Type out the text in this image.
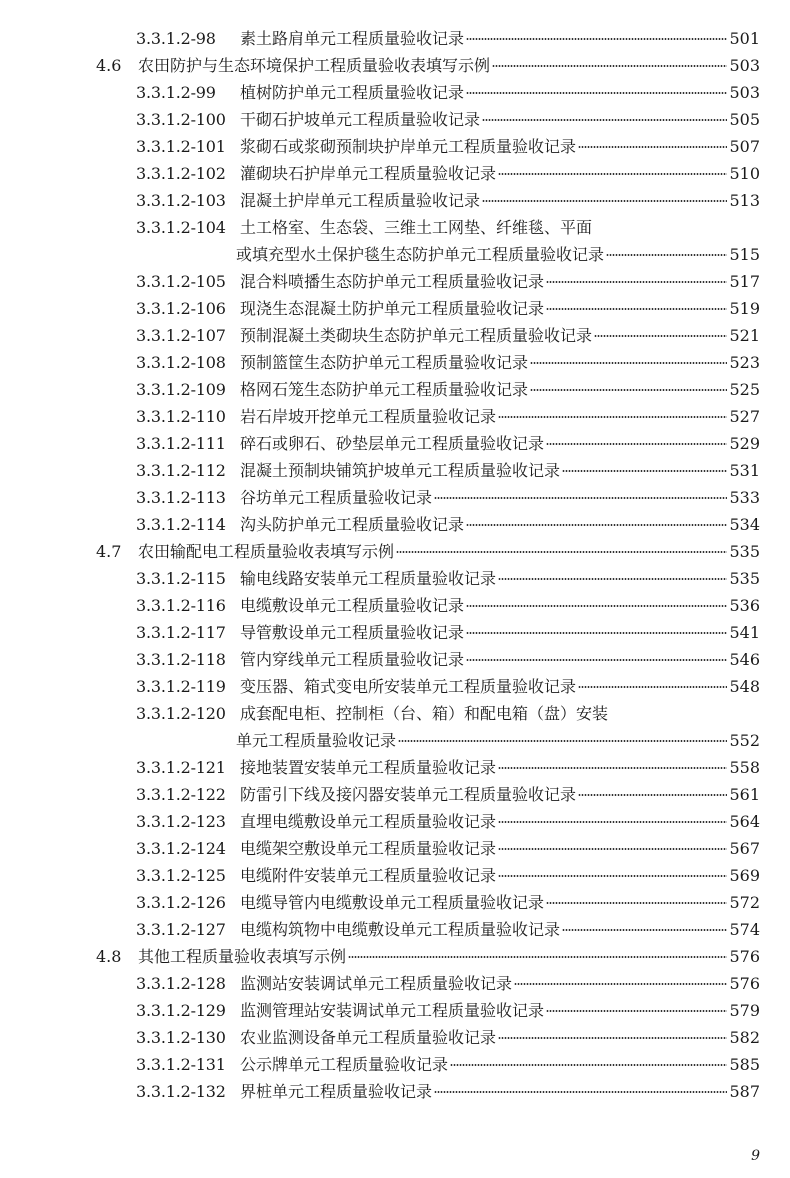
3.3.1.2-98 素土路肩单元工程质量验收记录	501
4.6 农田防护与生态环境保护工程质量验收表填写示例	503
3.3.1.2-99 植树防护单元工程质量验收记录	503
3.3.1.2-100 干砌石护坡单元工程质量验收记录	505
3.3.1.2-101 浆砌石或浆砌预制块护岸单元工程质量验收记录	507
3.3.1.2-102 灌砌块石护岸单元工程质量验收记录	510
3.3.1.2-103 混凝土护岸单元工程质量验收记录	513
3.3.1.2-104 土工格室、生态袋、三维土工网垫、纤维毯、平面
或填充型水土保护毯生态防护单元工程质量验收记录	515
3.3.1.2-105 混合料喷播生态防护单元工程质量验收记录	517
3.3.1.2-106 现浇生态混凝土防护单元工程质量验收记录	519
3.3.1.2-107 预制混凝土类砌块生态防护单元工程质量验收记录	521
3.3.1.2-108 预制篮筐生态防护单元工程质量验收记录	523
3.3.1.2-109 格网石笼生态防护单元工程质量验收记录	525
3.3.1.2-110 岩石岸坡开挖单元工程质量验收记录	527
3.3.1.2-111 碎石或卵石、砂垫层单元工程质量验收记录	529
3.3.1.2-112 混凝土预制块铺筑护坡单元工程质量验收记录	531
3.3.1.2-113 谷坊单元工程质量验收记录	533
3.3.1.2-114 沟头防护单元工程质量验收记录	534
4.7 农田输配电工程质量验收表填写示例	535
3.3.1.2-115 输电线路安装单元工程质量验收记录	535
3.3.1.2-116 电缆敷设单元工程质量验收记录	536
3.3.1.2-117 导管敷设单元工程质量验收记录	541
3.3.1.2-118 管内穿线单元工程质量验收记录	546
3.3.1.2-119 变压器、箱式变电所安装单元工程质量验收记录	548
3.3.1.2-120 成套配电柜、控制柜（台、箱）和配电箱（盘）安装
单元工程质量验收记录	552
3.3.1.2-121 接地装置安装单元工程质量验收记录	558
3.3.1.2-122 防雷引下线及接闪器安装单元工程质量验收记录	561
3.3.1.2-123 直埋电缆敷设单元工程质量验收记录	564
3.3.1.2-124 电缆架空敷设单元工程质量验收记录	567
3.3.1.2-125 电缆附件安装单元工程质量验收记录	569
3.3.1.2-126 电缆导管内电缆敷设单元工程质量验收记录	572
3.3.1.2-127 电缆构筑物中电缆敷设单元工程质量验收记录	574
4.8 其他工程质量验收表填写示例	576
3.3.1.2-128 监测站安装调试单元工程质量验收记录	576
3.3.1.2-129 监测管理站安装调试单元工程质量验收记录	579
3.3.1.2-130 农业监测设备单元工程质量验收记录	582
3.3.1.2-131 公示牌单元工程质量验收记录	585
3.3.1.2-132 界桩单元工程质量验收记录	587
9
